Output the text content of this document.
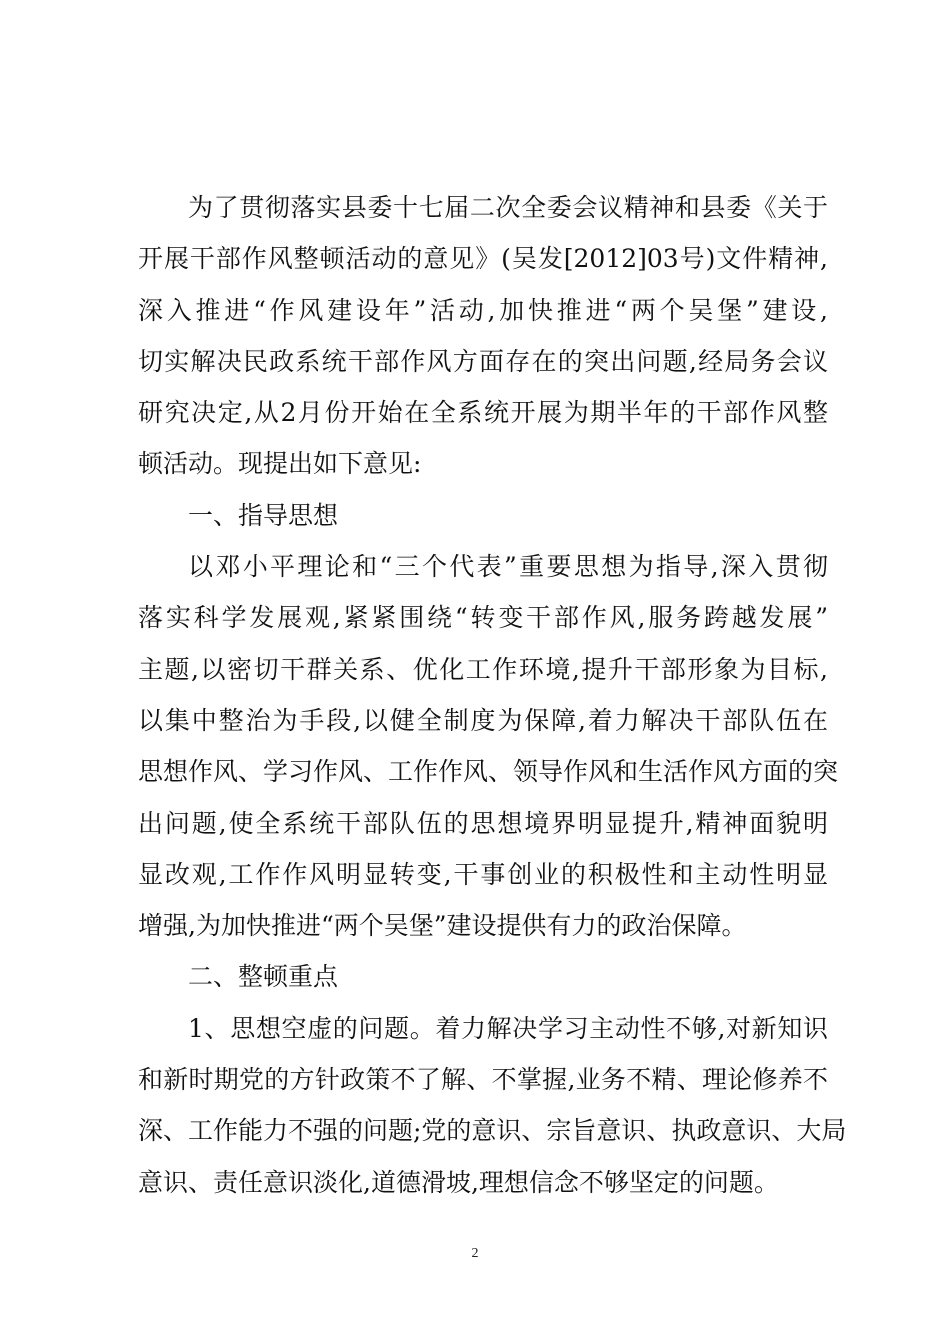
为了贯彻落实县委十七届二次全委会议精神和县委《关于
开展干部作风整顿活动的意见》(吴发[2012]03号)文件精神,
深入推进“作风建设年”活动,加快推进“两个吴堡”建设,
切实解决民政系统干部作风方面存在的突出问题,经局务会议
研究决定,从2月份开始在全系统开展为期半年的干部作风整
顿活动。现提出如下意见:
一、指导思想
以邓小平理论和“三个代表”重要思想为指导,深入贯彻
落实科学发展观,紧紧围绕“转变干部作风,服务跨越发展”
主题,以密切干群关系、优化工作环境,提升干部形象为目标,
以集中整治为手段,以健全制度为保障,着力解决干部队伍在
思想作风、学习作风、工作作风、领导作风和生活作风方面的突
出问题,使全系统干部队伍的思想境界明显提升,精神面貌明
显改观,工作作风明显转变,干事创业的积极性和主动性明显
增强,为加快推进“两个吴堡”建设提供有力的政治保障。
二、整顿重点
1、思想空虚的问题。着力解决学习主动性不够,对新知识
和新时期党的方针政策不了解、不掌握,业务不精、理论修养不
深、工作能力不强的问题;党的意识、宗旨意识、执政意识、大局
意识、责任意识淡化,道德滑坡,理想信念不够坚定的问题。
2
